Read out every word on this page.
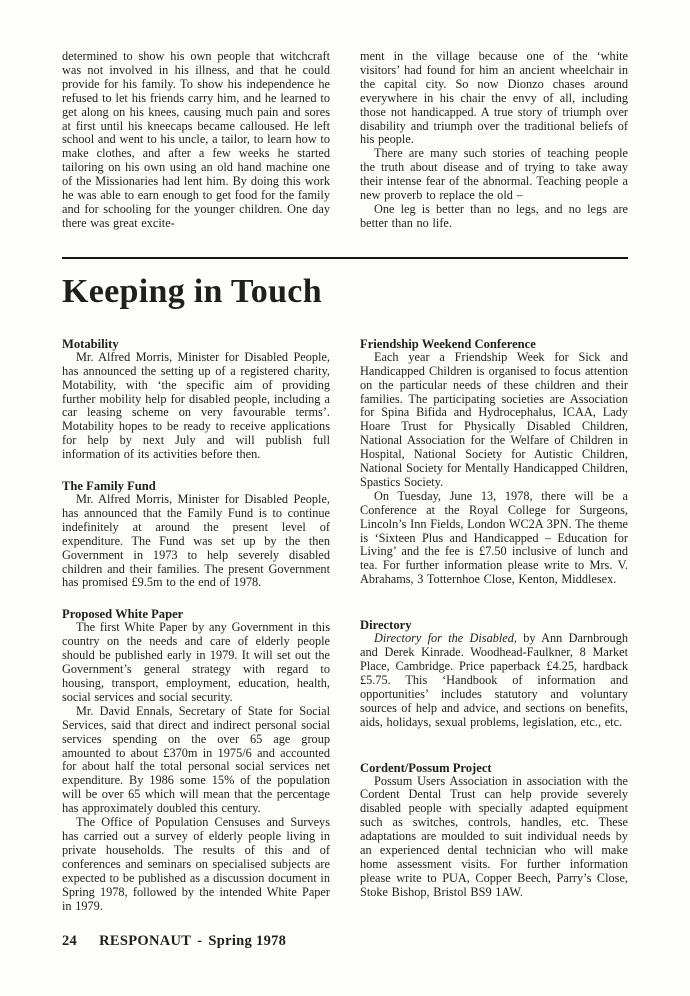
determined to show his own people that witchcraft was not involved in his illness, and that he could provide for his family. To show his independence he refused to let his friends carry him, and he learned to get along on his knees, causing much pain and sores at first until his kneecaps became calloused. He left school and went to his uncle, a tailor, to learn how to make clothes, and after a few weeks he started tailoring on his own using an old hand machine one of the Missionaries had lent him. By doing this work he was able to earn enough to get food for the family and for schooling for the younger children. One day there was great excite-

ment in the village because one of the ‘white visitors’ had found for him an ancient wheelchair in the capital city. So now Dionzo chases around everywhere in his chair the envy of all, including those not handicapped. A true story of triumph over disability and triumph over the traditional beliefs of his people.

There are many such stories of teaching people the truth about disease and of trying to take away their intense fear of the abnormal. Teaching people a new proverb to replace the old –

One leg is better than no legs, and no legs are better than no life.

Keeping in Touch
Motability

Mr. Alfred Morris, Minister for Disabled People, has announced the setting up of a registered charity, Motability, with ‘the specific aim of providing further mobility help for disabled people, including a car leasing scheme on very favourable terms’. Motability hopes to be ready to receive applications for help by next July and will publish full information of its activities before then.

The Family Fund

Mr. Alfred Morris, Minister for Disabled People, has announced that the Family Fund is to continue indefinitely at around the present level of expenditure. The Fund was set up by the then Government in 1973 to help severely disabled children and their families. The present Government has promised £9.5m to the end of 1978.

Proposed White Paper

The first White Paper by any Government in this country on the needs and care of elderly people should be published early in 1979. It will set out the Government’s general strategy with regard to housing, transport, employment, education, health, social services and social security.

Mr. David Ennals, Secretary of State for Social Services, said that direct and indirect personal social services spending on the over 65 age group amounted to about £370m in 1975/6 and accounted for about half the total personal social services net expenditure. By 1986 some 15% of the population will be over 65 which will mean that the percentage has approximately doubled this century.

The Office of Population Censuses and Surveys has carried out a survey of elderly people living in private households. The results of this and of conferences and seminars on specialised subjects are expected to be published as a discussion document in Spring 1978, followed by the intended White Paper in 1979.

Friendship Weekend Conference

Each year a Friendship Week for Sick and Handicapped Children is organised to focus attention on the particular needs of these children and their families. The participating societies are Association for Spina Bifida and Hydrocephalus, ICAA, Lady Hoare Trust for Physically Disabled Children, National Association for the Welfare of Children in Hospital, National Society for Autistic Children, National Society for Mentally Handicapped Children, Spastics Society.

On Tuesday, June 13, 1978, there will be a Conference at the Royal College for Surgeons, Lincoln’s Inn Fields, London WC2A 3PN. The theme is ‘Sixteen Plus and Handicapped – Education for Living’ and the fee is £7.50 inclusive of lunch and tea. For further information please write to Mrs. V. Abrahams, 3 Totternhoe Close, Kenton, Middlesex.

Directory

Directory for the Disabled, by Ann Darnbrough and Derek Kinrade. Woodhead-Faulkner, 8 Market Place, Cambridge. Price paperback £4.25, hardback £5.75. This ‘Handbook of information and opportunities’ includes statutory and voluntary sources of help and advice, and sections on benefits, aids, holidays, sexual problems, legislation, etc., etc.

Cordent/Possum Project

Possum Users Association in association with the Cordent Dental Trust can help provide severely disabled people with specially adapted equipment such as switches, controls, handles, etc. These adaptations are moulded to suit individual needs by an experienced dental technician who will make home assessment visits. For further information please write to PUA, Copper Beech, Parry’s Close, Stoke Bishop, Bristol BS9 1AW.

24 RESPONAUT - Spring 1978
